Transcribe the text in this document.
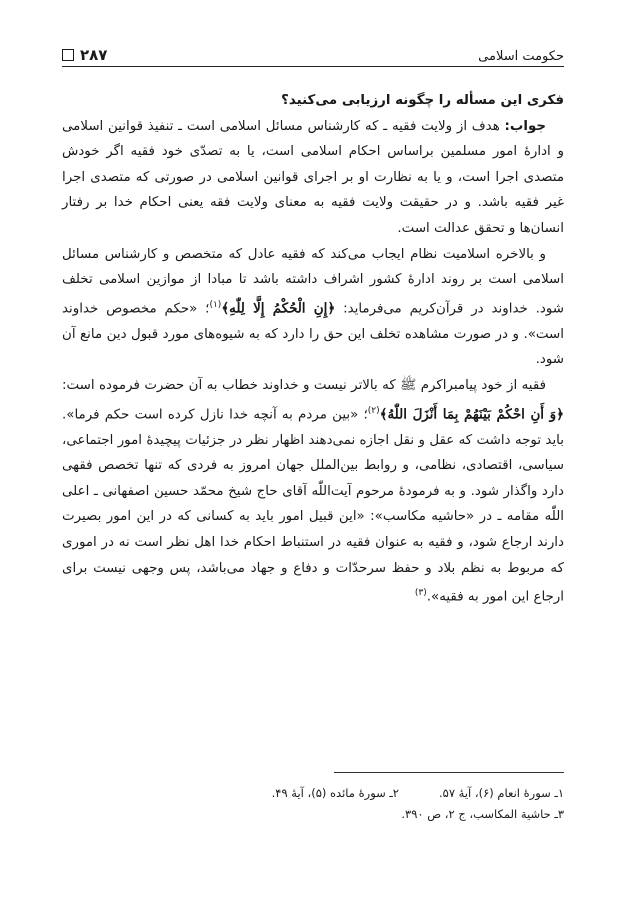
حکومت اسلامی
۲۸۷

فکری این مسأله را چگونه ارزیابی می‌کنید؟

جواب: هدف از ولایت فقیه ـ که کارشناس مسائل اسلامی است ـ تنفیذ قوانین اسلامی و ادارهٔ امور مسلمین براساس احکام اسلامی است، یا به تصدّی خود فقیه اگر خودش متصدی اجرا است، و یا به نظارت او بر اجرای قوانین اسلامی در صورتی که متصدی اجرا غیر فقیه باشد. و در حقیقت ولایت فقیه به معنای ولایت فقه یعنی احکام خدا بر رفتار انسان‌ها و تحقق عدالت است.

و بالاخره اسلامیت نظام ایجاب می‌کند که فقیه عادل که متخصص و کارشناس مسائل اسلامی است بر روند ادارهٔ کشور اشراف داشته باشد تا مبادا از موازین اسلامی تخلف شود. خداوند در قرآن‌کریم می‌فرماید: ﴿إِنِ الْحُكْمُ إِلَّا لِلّٰهِ﴾$^{(۱)}$؛ «حکم مخصوص خداوند است». و در صورت مشاهده تخلف این حق را دارد که به شیوه‌های مورد قبول دین مانع آن شود.

فقیه از خود پیامبراکرم ﷺ که بالاتر نیست و خداوند خطاب به آن حضرت فرموده است: ﴿وَ أَنِ احْكُمْ بَيْنَهُمْ بِمَا أَنْزَلَ اللّٰهُ﴾$^{(۲)}$؛ «بین مردم به آنچه خدا نازل کرده است حکم فرما». باید توجه داشت که عقل و نقل اجازه نمی‌دهند اظهار نظر در جزئیات پیچیدهٔ امور اجتماعی، سیاسی، اقتصادی، نظامی، و روابط بین‌الملل جهان امروز به فردی که تنها تخصص فقهی دارد واگذار شود. و به فرمودهٔ مرحوم آیت‌اللّٰه آقای حاج شیخ محمّد حسین اصفهانی ـ اعلی اللّٰه مقامه ـ در «حاشیه مکاسب»: «این قبیل امور باید به کسانی که در این امور بصیرت دارند ارجاع شود، و فقیه به عنوان فقیه در استنباط احکام خدا اهل نظر است نه در اموری که مربوط به نظم بلاد و حفظ سرحدّات و دفاع و جهاد می‌باشد، پس وجهی نیست برای ارجاع این امور به فقیه».$^{(۳)}$

۱ـ سورهٔ انعام (۶)، آیهٔ ۵۷.
۲ـ سورهٔ مائده (۵)، آیهٔ ۴۹.
۳ـ حاشیة المکاسب، ج ۲، ص ۳۹۰.
